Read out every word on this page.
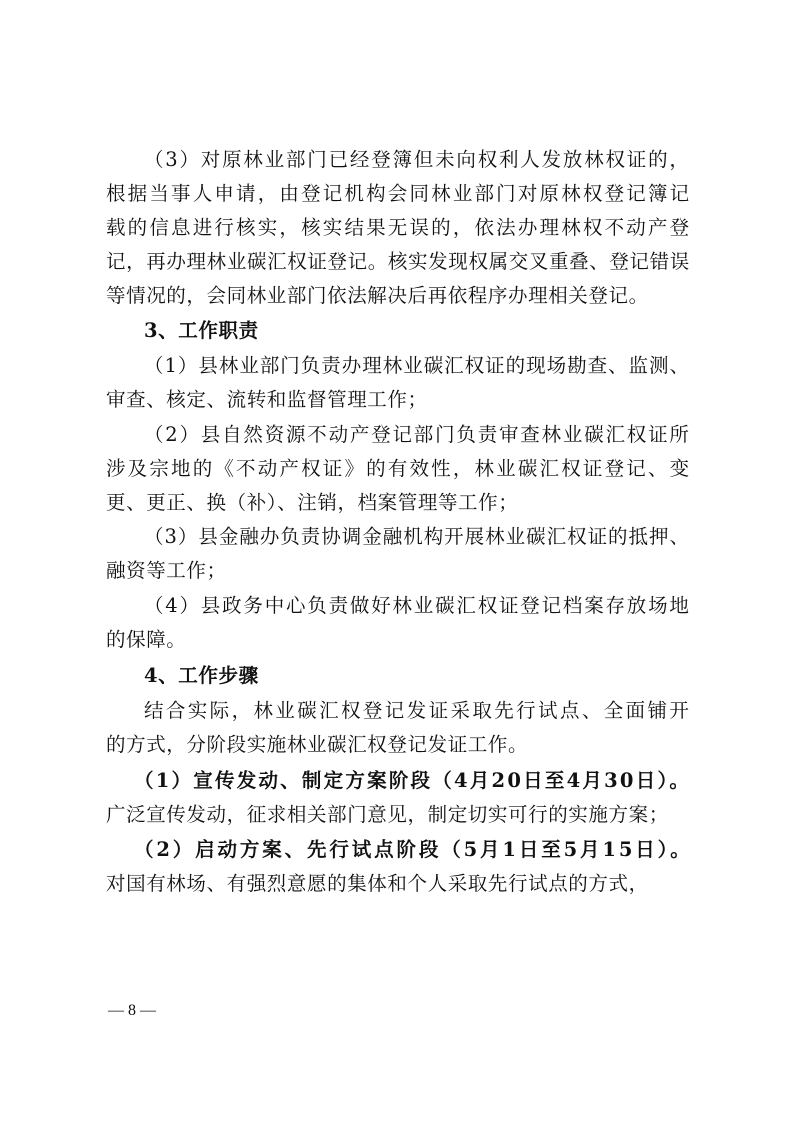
（3）对原林业部门已经登簿但未向权利人发放林权证的，
根据当事人申请，由登记机构会同林业部门对原林权登记簿记
载的信息进行核实，核实结果无误的，依法办理林权不动产登
记，再办理林业碳汇权证登记。核实发现权属交叉重叠、登记错误
等情况的，会同林业部门依法解决后再依程序办理相关登记。
3、工作职责
（1）县林业部门负责办理林业碳汇权证的现场勘查、监测、
审查、核定、流转和监督管理工作；
（2）县自然资源不动产登记部门负责审查林业碳汇权证所
涉及宗地的《不动产权证》的有效性，林业碳汇权证登记、变
更、更正、换（补）、注销，档案管理等工作；
（3）县金融办负责协调金融机构开展林业碳汇权证的抵押、
融资等工作；
（4）县政务中心负责做好林业碳汇权证登记档案存放场地
的保障。
4、工作步骤
结合实际，林业碳汇权登记发证采取先行试点、全面铺开
的方式，分阶段实施林业碳汇权登记发证工作。
（1）宣传发动、制定方案阶段（4月20日至4月30日）。
广泛宣传发动，征求相关部门意见，制定切实可行的实施方案；
（2）启动方案、先行试点阶段（5月1日至5月15日）。
对国有林场、有强烈意愿的集体和个人采取先行试点的方式，
— 8 —
